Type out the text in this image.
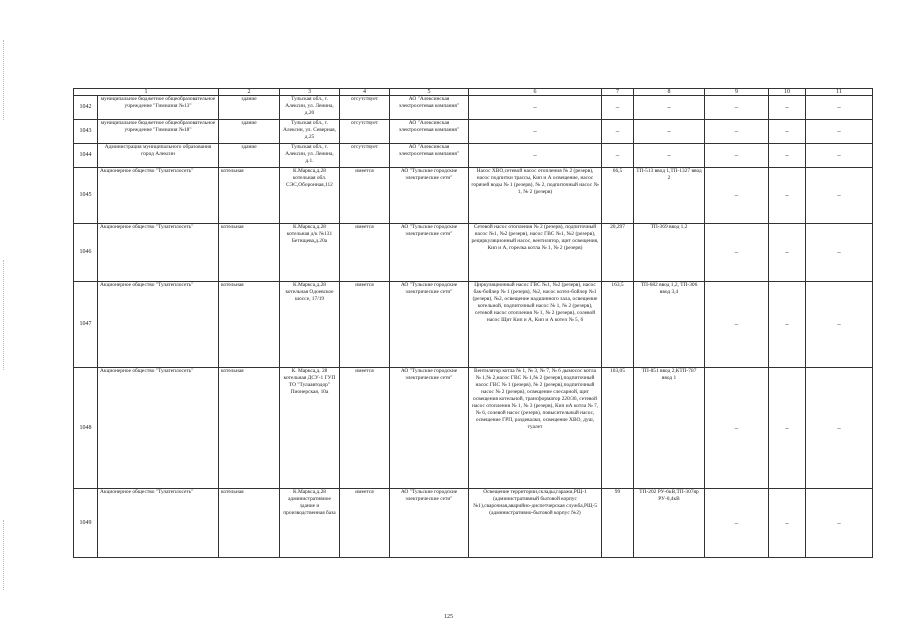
1		2	3	4	5	6	7	8	9	10	11
1042	муниципальное бюджетное общеобразовательное учреждение "Гимназия №13"	здание	Тульская обл., г. Алексин, ул. Ленина, д.20	отсутствует	АО "Алексинская электросетевая компания"	–	–	–	–	–	–
1043	муниципальное бюджетное общеобразовательное учреждение "Гимназия №18"	здание	Тульская обл., г. Алексин, ул. Северная, д.25	отсутствует	АО "Алексинская электросетевая компания"	–	–	–	–	–	–
1044	Администрация муниципального образования город Алексин	здание	Тульская обл., г. Алексин, ул. Ленина, д.1.	отсутствует	АО "Алексинская электросетевая компания"	–	–	–	–	–	–
1045	Акционерное общество "Тулатеплосеть"	котельная	К.Маркса,д.28 котельная обл. СЭС,Оборонная,112	имеется	АО "Тульские городские электрические сети"	Насос ХВО,сетевой насос отопления № 2 (резерв), насос подпитки трассы, Кип и А освещение, насос горячей воды № 1 (резерв), № 2, подпиточный насос № 1, № 2 (резерв)	66,5	ТП-513 ввод 1,ТП-1327 ввод 2	–	–	–
1046	Акционерное общество "Тулатеплосеть"	котельная	К.Маркса,д.28 котельная д/к №131 Бетищева,д.20а	имеется	АО "Тульские городские электрические сети"	Сетевой насос отопления № 2 (резерв), подпиточный насос №1, №2 (резерв), насос ГВС №1, №2 (резерв), рециркуляционный насос, вентилятор, щит освещения, Кип и А, горелка котла № 1, № 2 (резерв)	20,297	ТП-369 ввод 1,2	–	–	–
1047	Акционерное общество "Тулатеплосеть"	котельная	К.Маркса,д.28 котельная Одоевское шоссе, 17/19	имеется	АО "Тульские городские электрические сети"	Циркуляционный насос ГВС №1, №2 (резерв), насос бак-бойлер № 1 (резерв), №2, насос котел-бойлер №1 (резерв), №2, освещение надшинного зала, освещение котельной, подпиточный насос № 1, № 2 (резерв), сетевой насос отопления № 1, № 2 (резерв), солевой насос Щит Кип и А, Кип и А котел № 5, 6	163,5	ТП-682 ввод 1,2, ТП-306 ввод 3,4	–	–	–
1048	Акционерное общество "Тулатеплосеть"	котельная	К. Маркса,д. 28 котельная ДСУ-1 ГУП ТО "Тулаавтодор" Пионерская, 10а	имеется	АО "Тульские городские электрические сети"	Вентилятор котла № 1, № 3, № 7, № 6 дымосос котла № 1,№ 2,насос ГВС № 1,№ 2 (резерв),подпиточный насос ГВС № 1 (резерв), № 2 (резерв),подпиточный насос № 2 (резерв), освещение слесарной, щит освещения котельной, трансформатор 220/36, сетевой насос отопления № 1, № 3 (резерв), Кип иА котла № 7, № 6, солевой насос (резерв), повысительный насос, освещение ГРП, раздевалки, освещение ХВО, душ, туалет	103,05	ТП-851 ввод 2,КТП-787 ввод 1	–	–	–
1049	Акционерное общество "Тулатеплосеть"	котельная	К.Маркса,д.28 административное здание и производственная база	имеется	АО "Тульские городские электрические сети"	Освещение территории,склады,гаражи,РЩ-1 (административный бытовой корпус №1),сварочная,аварийно-диспетчерская служба,РЩ-5 (административно-бытовой корпус №2)	99	ТП-202 РУ-6кВ,ТП-307яр РУ-0,4кВ	–	–	–
125
